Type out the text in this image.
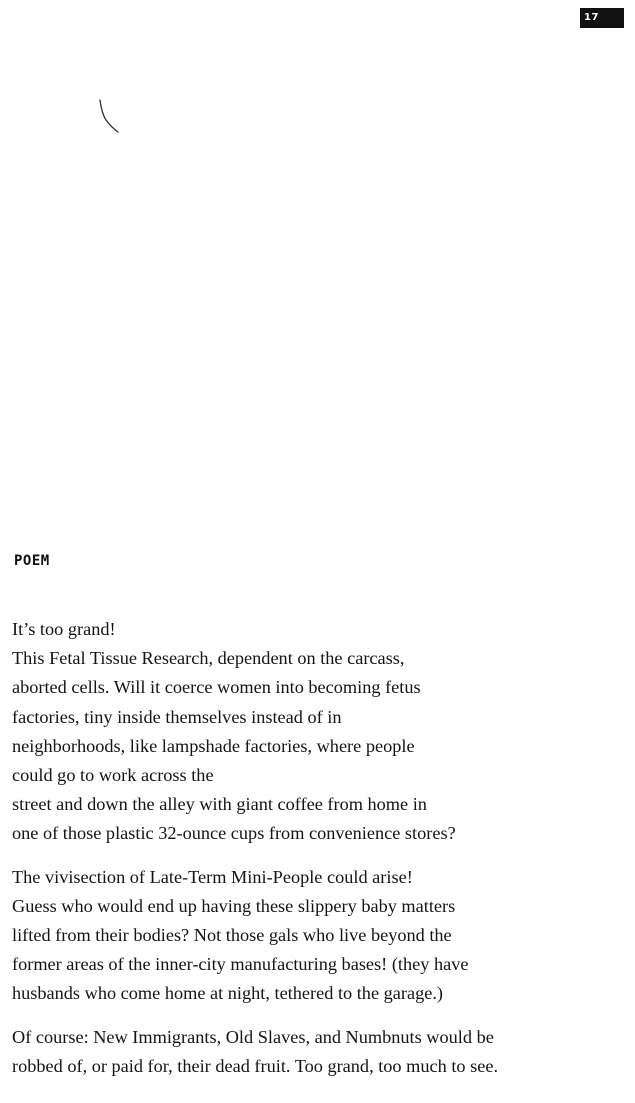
17
POEM
It’s too grand!
This Fetal Tissue Research, dependent on the carcass,
aborted cells. Will it coerce women into becoming fetus
factories, tiny inside themselves instead of in
neighborhoods, like lampshade factories, where people
could go to work across the
street and down the alley with giant coffee from home in
one of those plastic 32-ounce cups from convenience stores?
The vivisection of Late-Term Mini-People could arise!
Guess who would end up having these slippery baby matters
lifted from their bodies? Not those gals who live beyond the
former areas of the inner-city manufacturing bases! (they have
husbands who come home at night, tethered to the garage.)
Of course: New Immigrants, Old Slaves, and Numbnuts would be
robbed of, or paid for, their dead fruit. Too grand, too much to see.
